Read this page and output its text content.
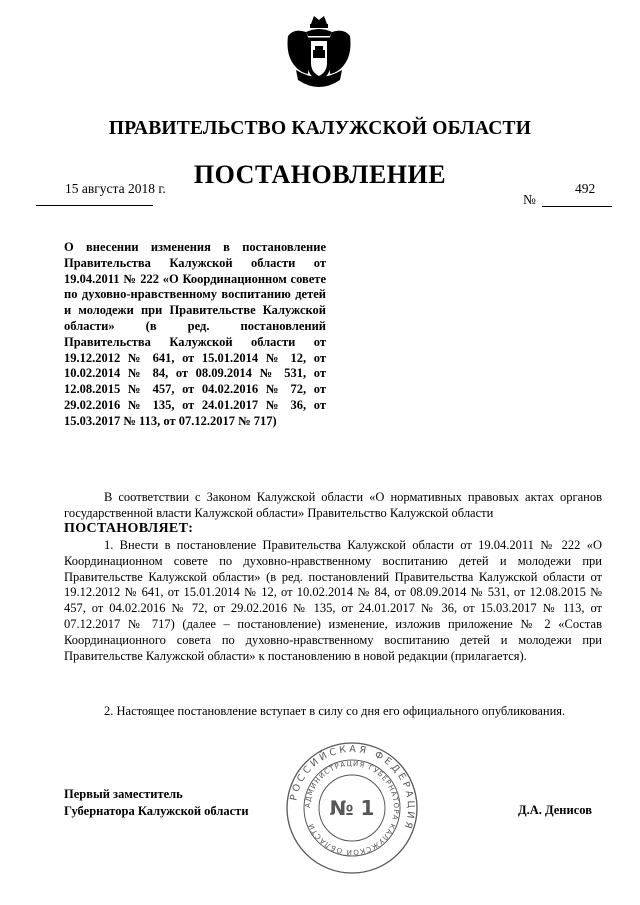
ПРАВИТЕЛЬСТВО КАЛУЖСКОЙ ОБЛАСТИ
ПОСТАНОВЛЕНИЕ
15 августа 2018 г.
№
492
О внесении изменения в постановление Правительства Калужской области от 19.04.2011 № 222 «О Координационном совете по духовно-нравственному воспитанию детей и молодежи при Правительстве Калужской области» (в ред. постановлений Правительства Калужской области от 19.12.2012 № 641, от 15.01.2014 № 12, от 10.02.2014 № 84, от 08.09.2014 № 531, от 12.08.2015 № 457, от 04.02.2016 № 72, от 29.02.2016 № 135, от 24.01.2017 № 36, от 15.03.2017 № 113, от 07.12.2017 № 717)
В соответствии с Законом Калужской области «О нормативных правовых актах органов государственной власти Калужской области» Правительство Калужской области
ПОСТАНОВЛЯЕТ:
1. Внести в постановление Правительства Калужской области от 19.04.2011 № 222 «О Координационном совете по духовно-нравственному воспитанию детей и молодежи при Правительстве Калужской области» (в ред. постановлений Правительства Калужской области от 19.12.2012 № 641, от 15.01.2014 № 12, от 10.02.2014 № 84, от 08.09.2014 № 531, от 12.08.2015 № 457, от 04.02.2016 № 72, от 29.02.2016 № 135, от 24.01.2017 № 36, от 15.03.2017 № 113, от 07.12.2017 № 717) (далее – постановление) изменение, изложив приложение № 2 «Состав Координационного совета по духовно-нравственному воспитанию детей и молодежи при Правительстве Калужской области» к постановлению в новой редакции (прилагается).
2. Настоящее постановление вступает в силу со дня его официального опубликования.
Первый заместитель
Губернатора Калужской области	Д.А. Денисов
РОССИЙСКАЯ ФЕДЕРАЦИЯ
АДМИНИСТРАЦИЯ ГУБЕРНАТОРА КАЛУЖСКОЙ ОБЛАСТИ
№ 1
